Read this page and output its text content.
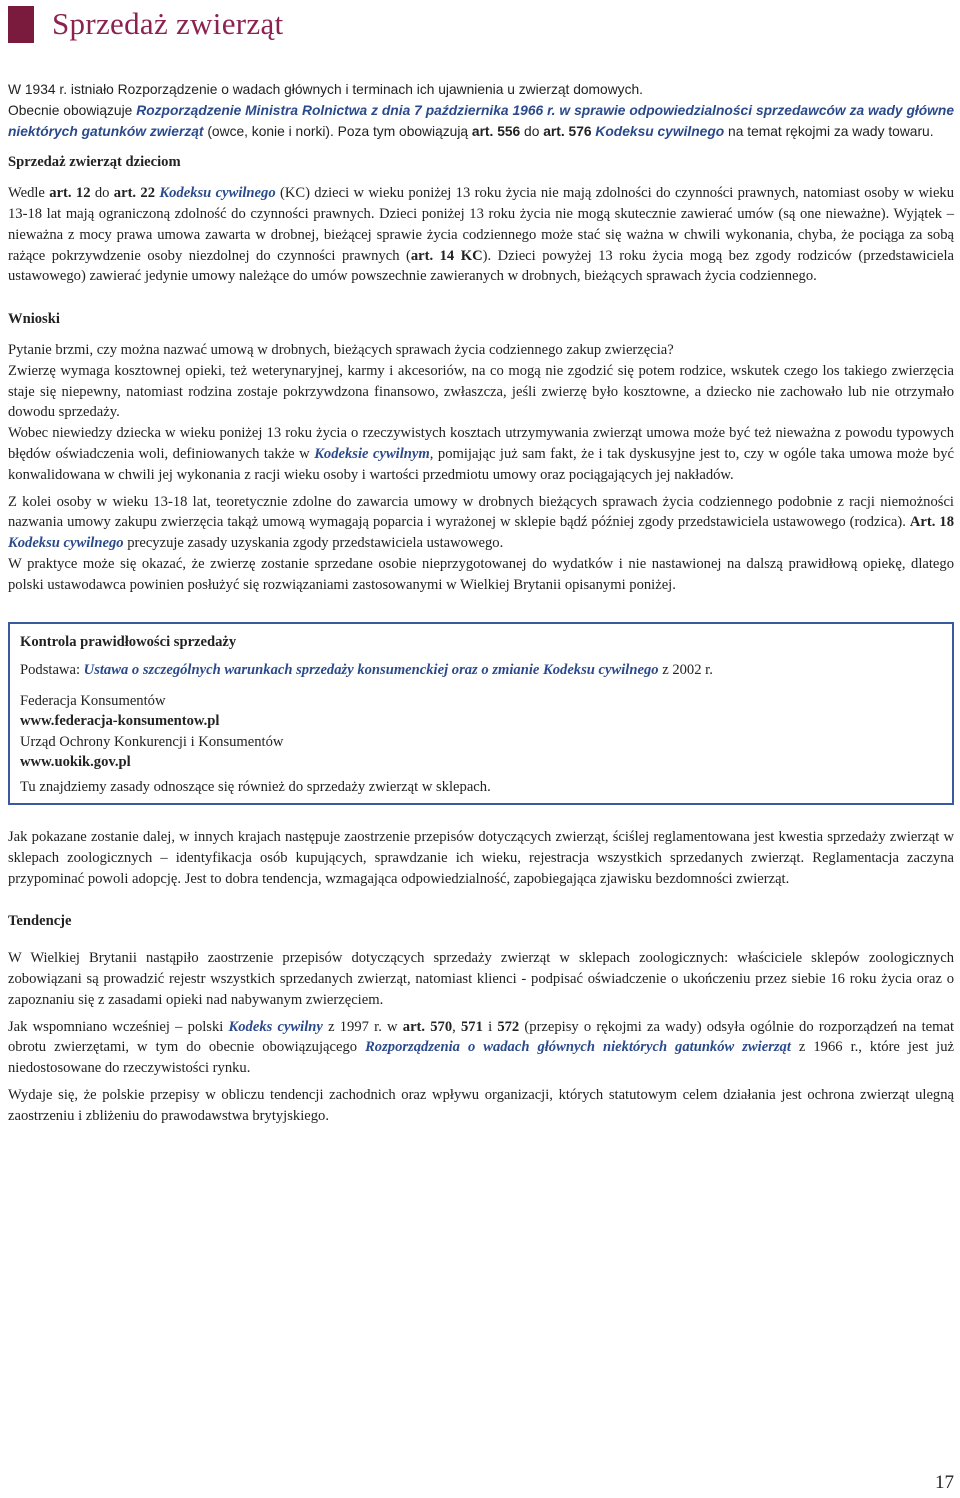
Sprzedaż zwierząt

W 1934 r. istniało Rozporządzenie o wadach głównych i terminach ich ujawnienia u zwierząt domowych.

Obecnie obowiązuje Rozporządzenie Ministra Rolnictwa z dnia 7 października 1966 r. w sprawie odpowiedzialności sprzedawców za wady główne niektórych gatunków zwierząt (owce, konie i norki). Poza tym obowiązują art. 556 do art. 576 Kodeksu cywilnego na temat rękojmi za wady towaru.

Sprzedaż zwierząt dzieciom

Wedle art. 12 do art. 22 Kodeksu cywilnego (KC) dzieci w wieku poniżej 13 roku życia nie mają zdolności do czynności prawnych, natomiast osoby w wieku 13-18 lat mają ograniczoną zdolność do czynności prawnych. Dzieci poniżej 13 roku życia nie mogą skutecznie zawierać umów (są one nieważne). Wyjątek – nieważna z mocy prawa umowa zawarta w drobnej, bieżącej sprawie życia codziennego może stać się ważna w chwili wykonania, chyba, że pociąga za sobą rażące pokrzywdzenie osoby niezdolnej do czynności prawnych (art. 14 KC). Dzieci powyżej 13 roku życia mogą bez zgody rodziców (przedstawiciela ustawowego) zawierać jedynie umowy należące do umów powszechnie zawieranych w drobnych, bieżących sprawach życia codziennego.

Wnioski

Pytanie brzmi, czy można nazwać umową w drobnych, bieżących sprawach życia codziennego zakup zwierzęcia?

Zwierzę wymaga kosztownej opieki, też weterynaryjnej, karmy i akcesoriów, na co mogą nie zgodzić się potem rodzice, wskutek czego los takiego zwierzęcia staje się niepewny, natomiast rodzina zostaje pokrzywdzona finansowo, zwłaszcza, jeśli zwierzę było kosztowne, a dziecko nie zachowało lub nie otrzymało dowodu sprzedaży.

Wobec niewiedzy dziecka w wieku poniżej 13 roku życia o rzeczywistych kosztach utrzymywania zwierząt umowa może być też nieważna z powodu typowych błędów oświadczenia woli, definiowanych także w Kodeksie cywilnym, pomijając już sam fakt, że i tak dyskusyjne jest to, czy w ogóle taka umowa może być konwalidowana w chwili jej wykonania z racji wieku osoby i wartości przedmiotu umowy oraz pociągających jej nakładów.

Z kolei osoby w wieku 13-18 lat, teoretycznie zdolne do zawarcia umowy w drobnych bieżących sprawach życia codziennego podobnie z racji niemożności nazwania umowy zakupu zwierzęcia takąż umową wymagają poparcia i wyrażonej w sklepie bądź później zgody przedstawiciela ustawowego (rodzica). Art. 18 Kodeksu cywilnego precyzuje zasady uzyskania zgody przedstawiciela ustawowego.

W praktyce może się okazać, że zwierzę zostanie sprzedane osobie nieprzygotowanej do wydatków i nie nastawionej na dalszą prawidłową opiekę, dlatego polski ustawodawca powinien posłużyć się rozwiązaniami zastosowanymi w Wielkiej Brytanii opisanymi poniżej.

Kontrola prawidłowości sprzedaży

Podstawa: Ustawa o szczególnych warunkach sprzedaży konsumenckiej oraz o zmianie Kodeksu cywilnego z 2002 r.

Federacja Konsumentów

www.federacja-konsumentow.pl

Urząd Ochrony Konkurencji i Konsumentów

www.uokik.gov.pl

Tu znajdziemy zasady odnoszące się również do sprzedaży zwierząt w sklepach.

Jak pokazane zostanie dalej, w innych krajach następuje zaostrzenie przepisów dotyczących zwierząt, ściślej reglamentowana jest kwestia sprzedaży zwierząt w sklepach zoologicznych – identyfikacja osób kupujących, sprawdzanie ich wieku, rejestracja wszystkich sprzedanych zwierząt. Reglamentacja zaczyna przypominać powoli adopcję. Jest to dobra tendencja, wzmagająca odpowiedzialność, zapobiegająca zjawisku bezdomności zwierząt.

Tendencje

W Wielkiej Brytanii nastąpiło zaostrzenie przepisów dotyczących sprzedaży zwierząt w sklepach zoologicznych: właściciele sklepów zoologicznych zobowiązani są prowadzić rejestr wszystkich sprzedanych zwierząt, natomiast klienci - podpisać oświadczenie o ukończeniu przez siebie 16 roku życia oraz o zapoznaniu się z zasadami opieki nad nabywanym zwierzęciem.

Jak wspomniano wcześniej – polski Kodeks cywilny z 1997 r. w art. 570, 571 i 572 (przepisy o rękojmi za wady) odsyła ogólnie do rozporządzeń na temat obrotu zwierzętami, w tym do obecnie obowiązującego Rozporządzenia o wadach głównych niektórych gatunków zwierząt z 1966 r., które jest już niedostosowane do rzeczywistości rynku.

Wydaje się, że polskie przepisy w obliczu tendencji zachodnich oraz wpływu organizacji, których statutowym celem działania jest ochrona zwierząt ulegną zaostrzeniu i zbliżeniu do prawodawstwa brytyjskiego.

17
